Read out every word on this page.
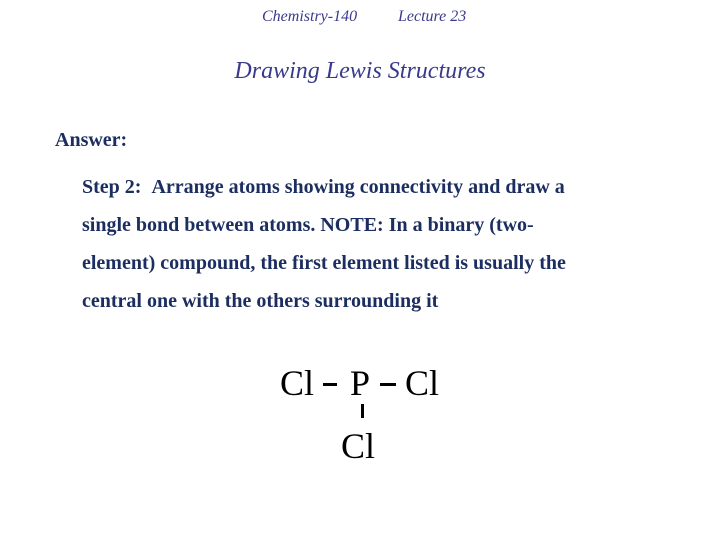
Chemistry-140	Lecture 23
Drawing Lewis Structures
Answer:
Step 2: Arrange atoms showing connectivity and draw a
single bond between atoms. NOTE: In a binary (two-
element) compound, the first element listed is usually the
central one with the others surrounding it
Cl P Cl
Cl
